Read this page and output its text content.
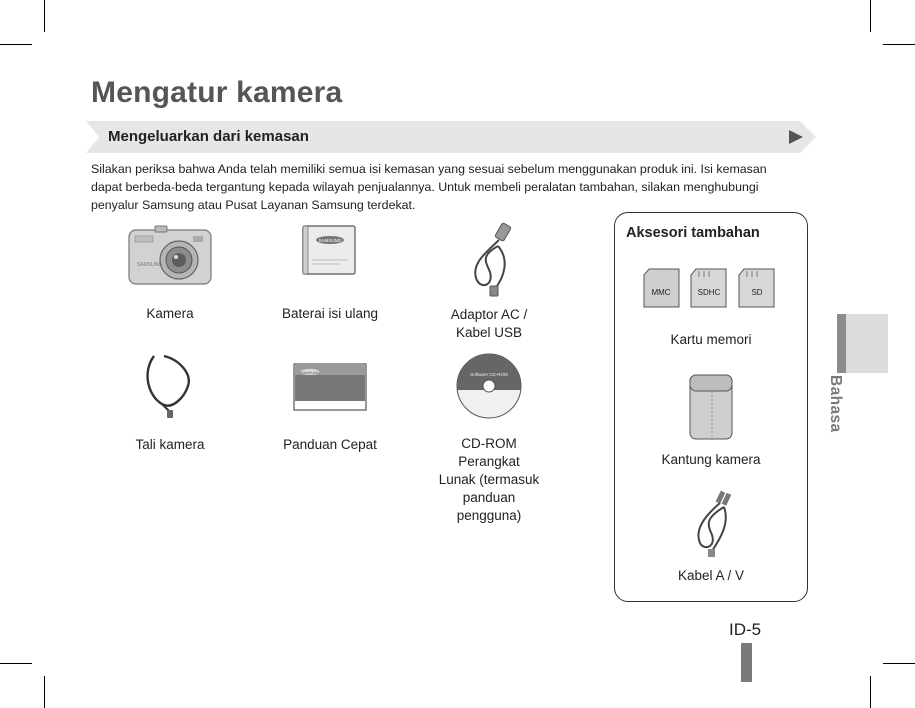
Mengatur kamera
Mengeluarkan dari kemasan

Silakan periksa bahwa Anda telah memiliki semua isi kemasan yang sesuai sebelum menggunakan produk ini. Isi kemasan dapat berbeda-beda tergantung kepada wilayah penjualannya. Untuk membeli peralatan tambahan, silakan menghubungi penyalur Samsung atau Pusat Layanan Samsung terdekat.

SAMSUNG
Kamera
SAMSUNG
Baterai isi ulang	Adaptor AC /
Kabel USB
Tali kamera
SAMSUNG
Panduan Cepat
Software CD-ROM
CD-ROM Perangkat
Lunak (termasuk
panduan pengguna)
Aksesori tambahan
MMC	SDHC	SD
Kartu memori
Kantung kamera
Kabel A / V
Bahasa
ID-5
